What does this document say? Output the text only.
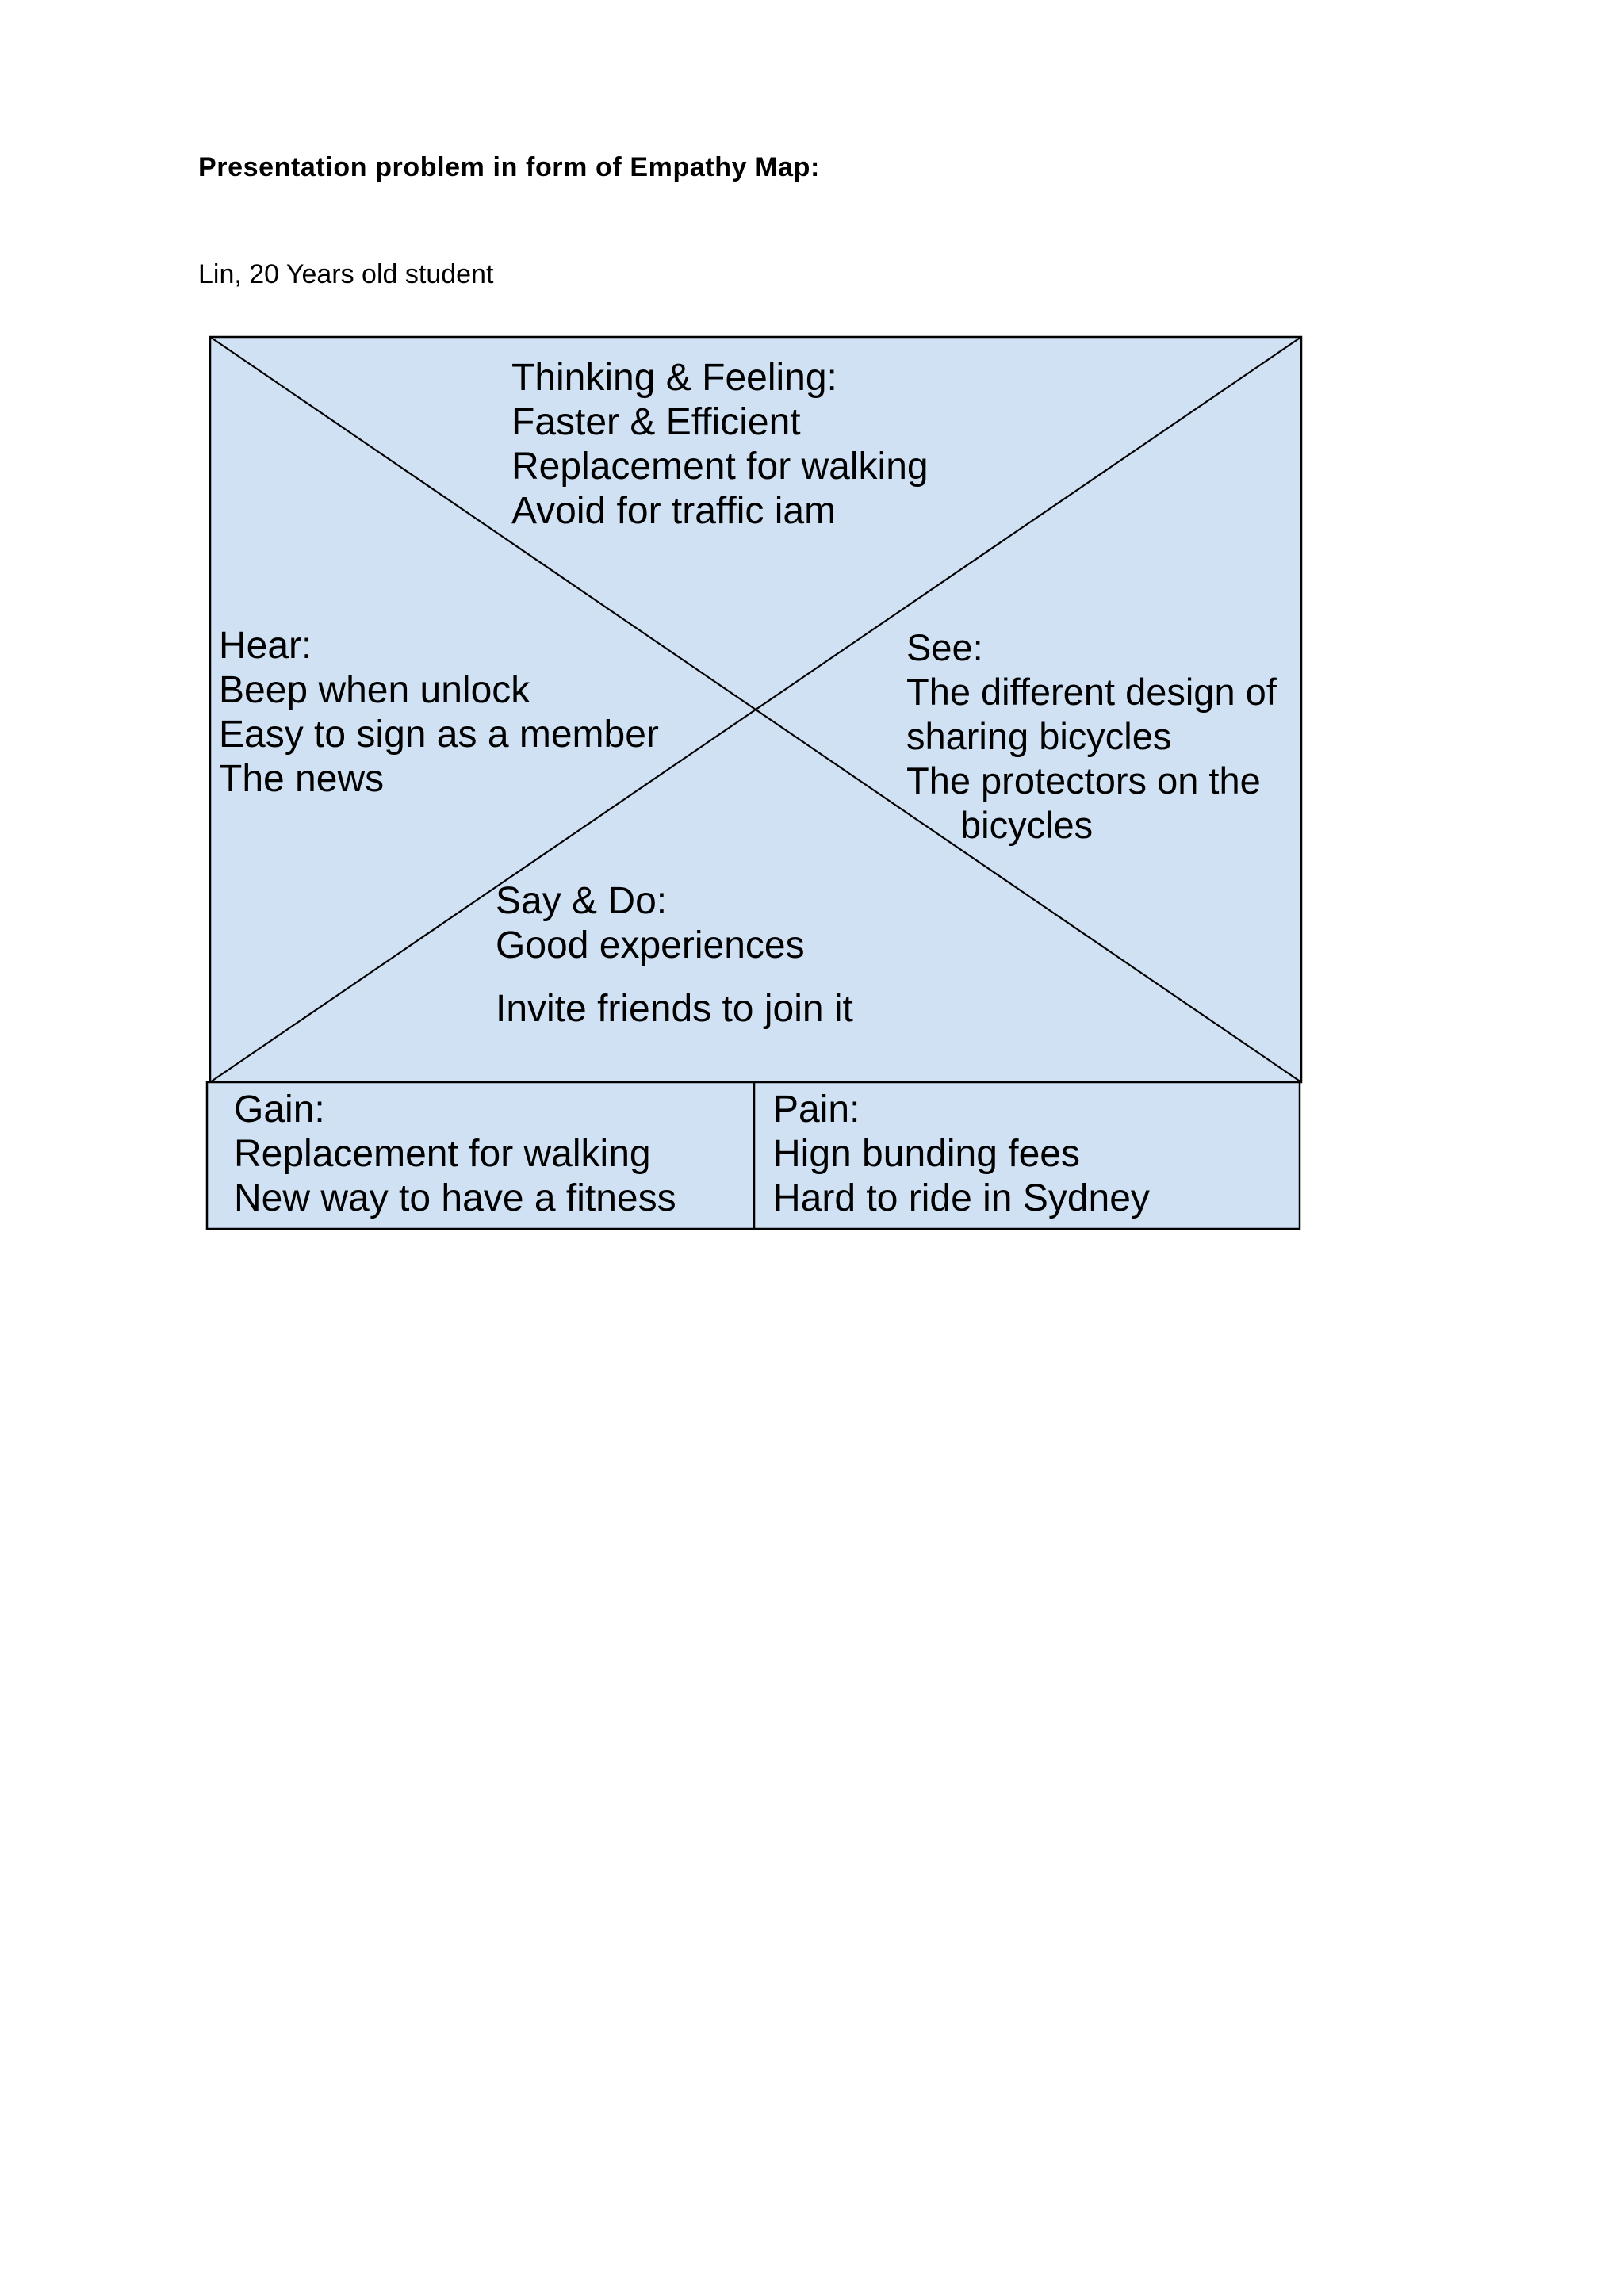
Presentation problem in form of Empathy Map:
Lin, 20 Years old student
Thinking & Feeling:
Faster & Efficient
Replacement for walking
Avoid for traffic iam
Hear:
Beep when unlock
Easy to sign as a member
The news
See:
The different design of
sharing bicycles
The protectors on the
bicycles
Say & Do:
Good experiences
Invite friends to join it
Gain:
Replacement for walking
New way to have a fitness
Pain:
Hign bunding fees
Hard to ride in Sydney
